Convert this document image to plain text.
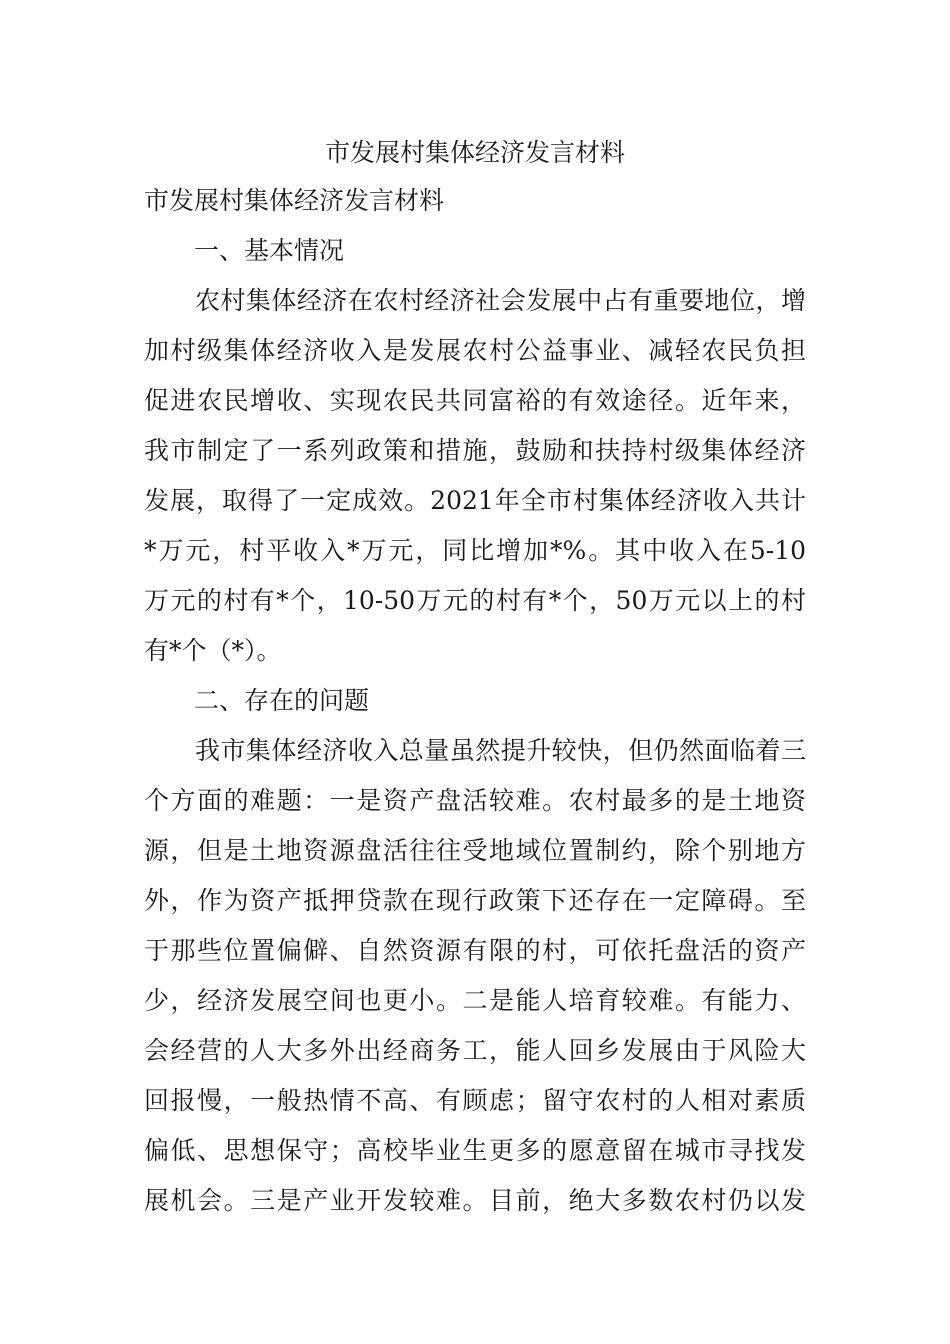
市发展村集体经济发言材料
市发展村集体经济发言材料
　　一、基本情况
　　农村集体经济在农村经济社会发展中占有重要地位，增
加村级集体经济收入是发展农村公益事业、减轻农民负担
促进农民增收、实现农民共同富裕的有效途径。近年来，
我市制定了一系列政策和措施，鼓励和扶持村级集体经济
发展，取得了一定成效。2021年全市村集体经济收入共计
*万元，村平收入*万元，同比增加*%。其中收入在5-10
万元的村有*个，10-50万元的村有*个，50万元以上的村
有*个（*）。
　　二、存在的问题
　　我市集体经济收入总量虽然提升较快，但仍然面临着三
个方面的难题：一是资产盘活较难。农村最多的是土地资
源，但是土地资源盘活往往受地域位置制约，除个别地方
外，作为资产抵押贷款在现行政策下还存在一定障碍。至
于那些位置偏僻、自然资源有限的村，可依托盘活的资产
少，经济发展空间也更小。二是能人培育较难。有能力、
会经营的人大多外出经商务工，能人回乡发展由于风险大
回报慢，一般热情不高、有顾虑；留守农村的人相对素质
偏低、思想保守；高校毕业生更多的愿意留在城市寻找发
展机会。三是产业开发较难。目前，绝大多数农村仍以发
